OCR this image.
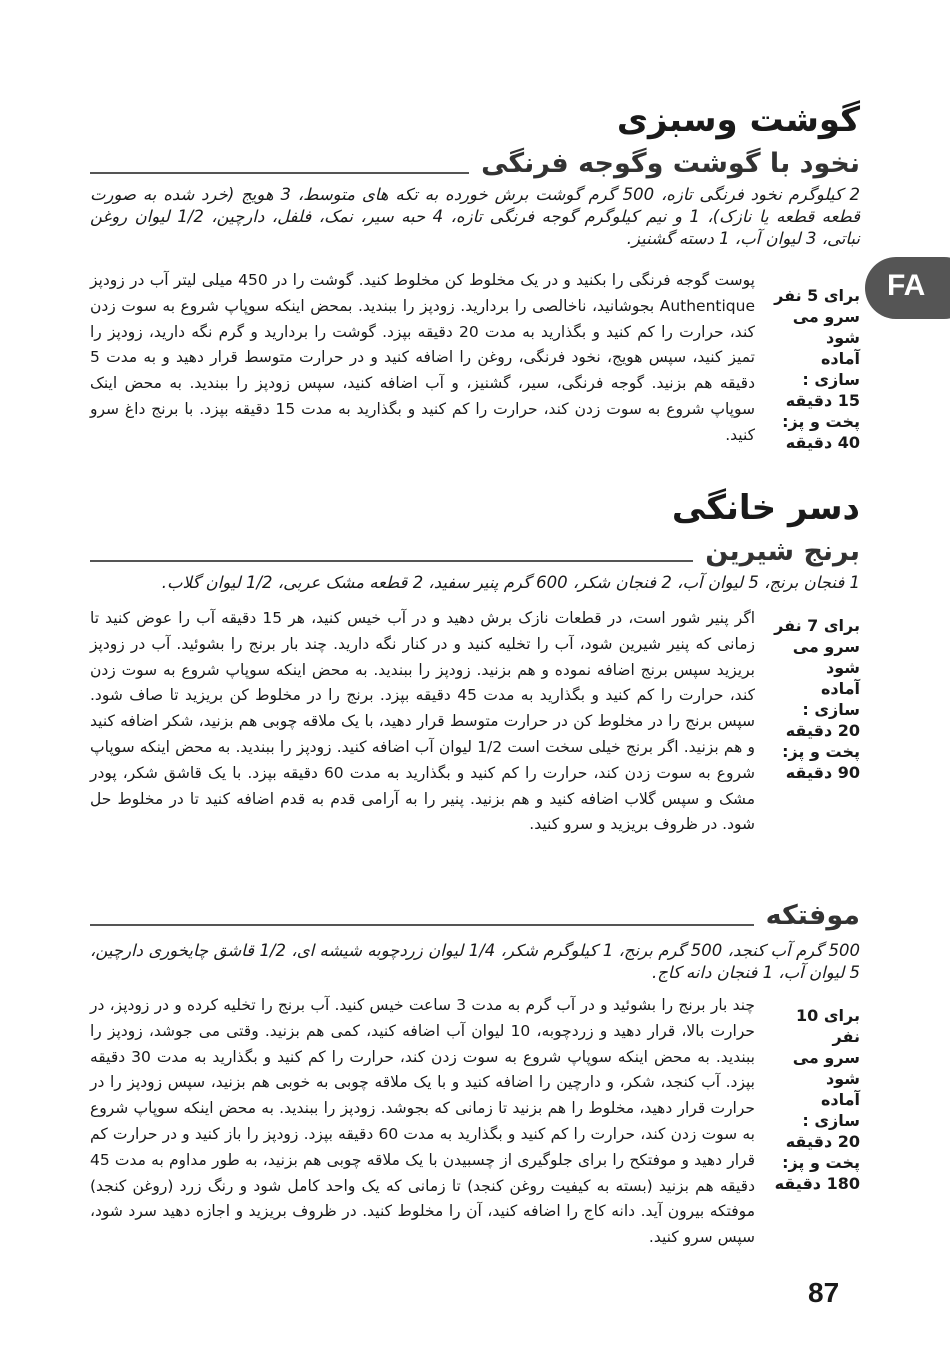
FA
گوشت وسبزی
نخود با گوشت وگوجه فرنگی
2 کیلوگرم نخود فرنگی تازه، 500 گرم گوشت برش خورده به تکه های متوسط، 3 هویج (خرد شده به صورت قطعه قطعه یا نازک)، 1 و نیم کیلوگرم گوجه فرنگی تازه، 4 حبه سیر، نمک، فلفل، دارچین، 1/2 لیوان روغن نباتی، 3 لیوان آب، 1 دسته گشنیز.
برای 5 نفر
سرو می شود
آماده سازی :
15 دقیقه
پخت و پز:
40 دقیقه
پوست گوجه فرنگی را بکنید و در یک مخلوط کن مخلوط کنید. گوشت را در 450 میلی لیتر آب در زودپز Authentique بجوشانید، ناخالصی را بردارید. زودپز را ببندید. بمحض اینکه سوپاپ شروع به سوت زدن کند، حرارت را کم کنید و بگذارید به مدت 20 دقیقه بپزد. گوشت را بردارید و گرم نگه دارید، زودپز را تمیز کنید، سپس هویج، نخود فرنگی، روغن را اضافه کنید و در حرارت متوسط قرار دهید و به مدت 5 دقیقه هم بزنید. گوجه فرنگی، سیر، گشنیز، و آب اضافه کنید، سپس زودپز را ببندید. به محض اینک سوپاپ شروع به سوت زدن کند، حرارت را کم کنید و بگذارید به مدت 15 دقیقه بپزد. با برنج داغ سرو کنید.
دسر خانگی
برنج شیرین
1 فنجان برنج، 5 لیوان آب، 2 فنجان شکر، 600 گرم پنیر سفید، 2 قطعه مشک عربی، 1/2 لیوان گلاب.
برای 7 نفر
سرو می شود
آماده سازی :
20 دقیقه
پخت و پز:
90 دقیقه
اگر پنیر شور است، در قطعات نازک برش دهید و در آب خیس کنید، هر 15 دقیقه آب را عوض کنید تا زمانی که پنیر شیرین شود، آب را تخلیه کنید و در کنار نگه دارید. چند بار برنج را بشوئید. آب در زودپز بریزید سپس برنج اضافه نموده و هم بزنید. زودپز را ببندید. به محض اینکه سوپاپ شروع به سوت زدن کند، حرارت را کم کنید و بگذارید به مدت 45 دقیقه بپزد. برنج را در مخلوط کن بریزید تا صاف شود. سپس برنج را در مخلوط کن در حرارت متوسط قرار دهید، با یک ملاقه چوبی هم بزنید، شکر اضافه کنید و هم بزنید. اگر برنج خیلی سخت است 1/2 لیوان آب اضافه کنید. زودپز را ببندید. به محض اینکه سوپاپ شروع به سوت زدن کند، حرارت را کم کنید و بگذارید به مدت 60 دقیقه بپزد. با یک قاشق شکر، پودر مشک و سپس گلاب اضافه کنید و هم بزنید. پنیر را به آرامی قدم به قدم اضافه کنید تا در مخلوط حل شود. در ظروف بریزید و سرو کنید.
موفتکه
500 گرم آب کنجد، 500 گرم برنج، 1 کیلوگرم شکر، 1/4 لیوان زردچوبه شیشه ای، 1/2 قاشق چایخوری دارچین، 5 لیوان آب، 1 فنجان دانه کاج.
برای 10 نفر
سرو می شود
آماده سازی :
20 دقیقه
پخت و پز:
180 دقیقه
چند بار برنج را بشوئید و در آب گرم به مدت 3 ساعت خیس کنید. آب برنج را تخلیه کرده و در زودپز، در حرارت بالا، قرار دهید و زردچوبه، 10 لیوان آب اضافه کنید، کمی هم بزنید. وقتی می جوشد، زودپز را ببندید. به محض اینکه سوپاپ شروع به سوت زدن کند، حرارت را کم کنید و بگذارید به مدت 30 دقیقه بپزد. آب کنجد، شکر، و دارچین را اضافه کنید و با یک ملاقه چوبی به خوبی هم بزنید، سپس زودپز را در حرارت قرار دهید، مخلوط را هم بزنید تا زمانی که بجوشد. زودپز را ببندید. به محض اینکه سوپاپ شروع به سوت زدن کند، حرارت را کم کنید و بگذارید به مدت 60 دقیقه بپزد. زودپز را باز کنید و در حرارت کم قرار دهید و موفتکح را برای جلوگیری از چسبیدن با یک ملاقه چوبی هم بزنید، به طور مداوم به مدت 45 دقیقه هم بزنید (بسته به کیفیت روغن کنجد) تا زمانی که یک واحد کامل شود و رنگ زرد (روغن کنجد) موفتکه بیرون آید. دانه کاج را اضافه کنید، آن را مخلوط کنید. در ظروف بریزید و اجازه دهید سرد شود، سپس سرو کنید.
87
